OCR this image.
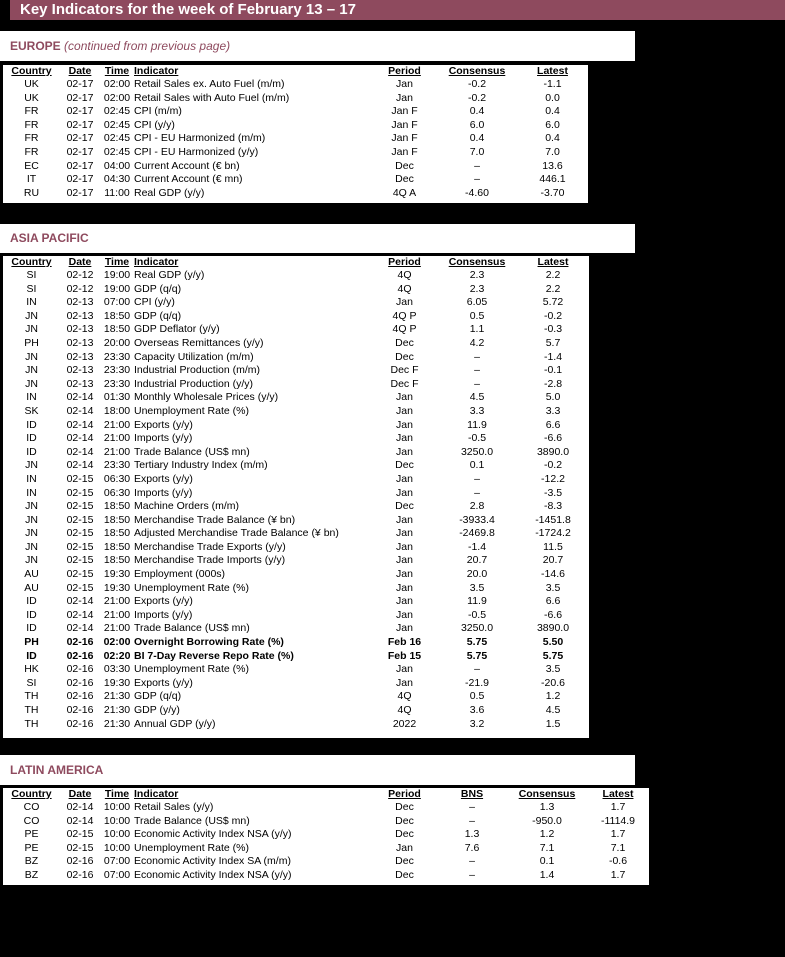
Key Indicators for the week of February 13 – 17
EUROPE (continued from previous page)
Country	Date	Time	Indicator	Period	Consensus	Latest
UK	02-17	02:00	Retail Sales ex. Auto Fuel (m/m)	Jan	-0.2	-1.1
UK	02-17	02:00	Retail Sales with Auto Fuel (m/m)	Jan	-0.2	0.0
FR	02-17	02:45	CPI (m/m)	Jan F	0.4	0.4
FR	02-17	02:45	CPI (y/y)	Jan F	6.0	6.0
FR	02-17	02:45	CPI - EU Harmonized (m/m)	Jan F	0.4	0.4
FR	02-17	02:45	CPI - EU Harmonized (y/y)	Jan F	7.0	7.0
EC	02-17	04:00	Current Account (€ bn)	Dec	–	13.6
IT	02-17	04:30	Current Account (€ mn)	Dec	–	446.1
RU	02-17	11:00	Real GDP (y/y)	4Q A	-4.60	-3.70
ASIA PACIFIC
Country	Date	Time	Indicator	Period	Consensus	Latest
SI	02-12	19:00	Real GDP (y/y)	4Q	2.3	2.2
SI	02-12	19:00	GDP (q/q)	4Q	2.3	2.2
IN	02-13	07:00	CPI (y/y)	Jan	6.05	5.72
JN	02-13	18:50	GDP (q/q)	4Q P	0.5	-0.2
JN	02-13	18:50	GDP Deflator (y/y)	4Q P	1.1	-0.3
PH	02-13	20:00	Overseas Remittances (y/y)	Dec	4.2	5.7
JN	02-13	23:30	Capacity Utilization (m/m)	Dec	–	-1.4
JN	02-13	23:30	Industrial Production (m/m)	Dec F	–	-0.1
JN	02-13	23:30	Industrial Production (y/y)	Dec F	–	-2.8
IN	02-14	01:30	Monthly Wholesale Prices (y/y)	Jan	4.5	5.0
SK	02-14	18:00	Unemployment Rate (%)	Jan	3.3	3.3
ID	02-14	21:00	Exports (y/y)	Jan	11.9	6.6
ID	02-14	21:00	Imports (y/y)	Jan	-0.5	-6.6
ID	02-14	21:00	Trade Balance (US$ mn)	Jan	3250.0	3890.0
JN	02-14	23:30	Tertiary Industry Index (m/m)	Dec	0.1	-0.2
IN	02-15	06:30	Exports (y/y)	Jan	–	-12.2
IN	02-15	06:30	Imports (y/y)	Jan	–	-3.5
JN	02-15	18:50	Machine Orders (m/m)	Dec	2.8	-8.3
JN	02-15	18:50	Merchandise Trade Balance (¥ bn)	Jan	-3933.4	-1451.8
JN	02-15	18:50	Adjusted Merchandise Trade Balance (¥ bn)	Jan	-2469.8	-1724.2
JN	02-15	18:50	Merchandise Trade Exports (y/y)	Jan	-1.4	11.5
JN	02-15	18:50	Merchandise Trade Imports (y/y)	Jan	20.7	20.7
AU	02-15	19:30	Employment (000s)	Jan	20.0	-14.6
AU	02-15	19:30	Unemployment Rate (%)	Jan	3.5	3.5
ID	02-14	21:00	Exports (y/y)	Jan	11.9	6.6
ID	02-14	21:00	Imports (y/y)	Jan	-0.5	-6.6
ID	02-14	21:00	Trade Balance (US$ mn)	Jan	3250.0	3890.0
PH	02-16	02:00	Overnight Borrowing Rate (%)	Feb 16	5.75	5.50
ID	02-16	02:20	BI 7-Day Reverse Repo Rate (%)	Feb 15	5.75	5.75
HK	02-16	03:30	Unemployment Rate (%)	Jan	–	3.5
SI	02-16	19:30	Exports (y/y)	Jan	-21.9	-20.6
TH	02-16	21:30	GDP (q/q)	4Q	0.5	1.2
TH	02-16	21:30	GDP (y/y)	4Q	3.6	4.5
TH	02-16	21:30	Annual GDP (y/y)	2022	3.2	1.5
LATIN AMERICA
Country	Date	Time	Indicator	Period	BNS	Consensus	Latest
CO	02-14	10:00	Retail Sales (y/y)	Dec	–	1.3	1.7
CO	02-14	10:00	Trade Balance (US$ mn)	Dec	–	-950.0	-1114.9
PE	02-15	10:00	Economic Activity Index NSA (y/y)	Dec	1.3	1.2	1.7
PE	02-15	10:00	Unemployment Rate (%)	Jan	7.6	7.1	7.1
BZ	02-16	07:00	Economic Activity Index SA (m/m)	Dec	–	0.1	-0.6
BZ	02-16	07:00	Economic Activity Index NSA (y/y)	Dec	–	1.4	1.7
